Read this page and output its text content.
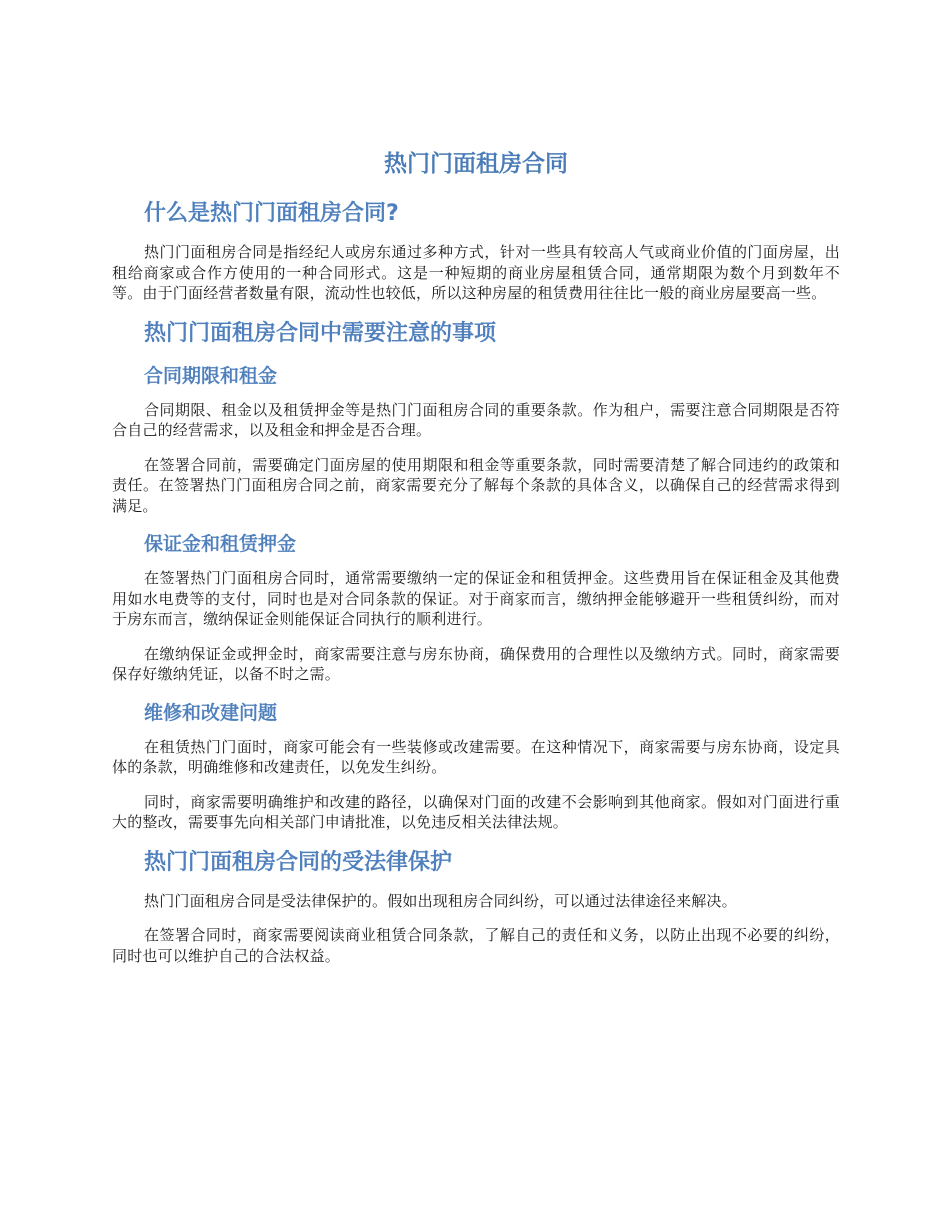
热门门面租房合同
什么是热门门面租房合同?

热门门面租房合同是指经纪人或房东通过多种方式，针对一些具有较高人气或商业价值的门面房屋，出租给商家或合作方使用的一种合同形式。这是一种短期的商业房屋租赁合同，通常期限为数个月到数年不等。由于门面经营者数量有限，流动性也较低，所以这种房屋的租赁费用往往比一般的商业房屋要高一些。

热门门面租房合同中需要注意的事项
合同期限和租金

合同期限、租金以及租赁押金等是热门门面租房合同的重要条款。作为租户，需要注意合同期限是否符合自己的经营需求，以及租金和押金是否合理。

在签署合同前，需要确定门面房屋的使用期限和租金等重要条款，同时需要清楚了解合同违约的政策和责任。在签署热门门面租房合同之前，商家需要充分了解每个条款的具体含义，以确保自己的经营需求得到满足。

保证金和租赁押金

在签署热门门面租房合同时，通常需要缴纳一定的保证金和租赁押金。这些费用旨在保证租金及其他费用如水电费等的支付，同时也是对合同条款的保证。对于商家而言，缴纳押金能够避开一些租赁纠纷，而对于房东而言，缴纳保证金则能保证合同执行的顺利进行。

在缴纳保证金或押金时，商家需要注意与房东协商，确保费用的合理性以及缴纳方式。同时，商家需要保存好缴纳凭证，以备不时之需。

维修和改建问题

在租赁热门门面时，商家可能会有一些装修或改建需要。在这种情况下，商家需要与房东协商，设定具体的条款，明确维修和改建责任，以免发生纠纷。

同时，商家需要明确维护和改建的路径，以确保对门面的改建不会影响到其他商家。假如对门面进行重大的整改，需要事先向相关部门申请批准，以免违反相关法律法规。

热门门面租房合同的受法律保护

热门门面租房合同是受法律保护的。假如出现租房合同纠纷，可以通过法律途径来解决。

在签署合同时，商家需要阅读商业租赁合同条款，了解自己的责任和义务，以防止出现不必要的纠纷，同时也可以维护自己的合法权益。
